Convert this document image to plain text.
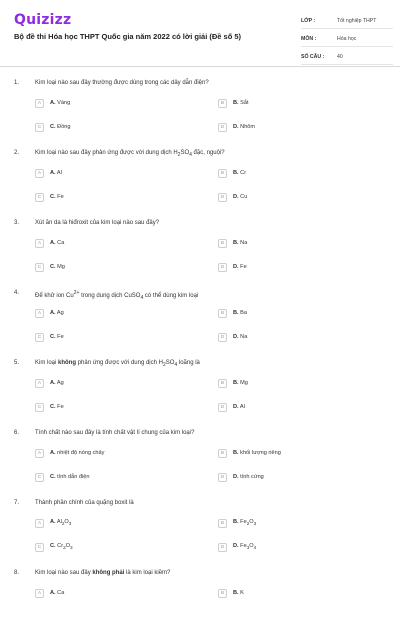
Quizizz
Bộ đề thi Hóa học THPT Quốc gia năm 2022 có lời giải (Đề số 5)
LỚP :	Tốt nghiệp THPT
MÔN :	Hóa học
SỐ CÂU :	40
1.	Kim loại nào sau đây thường được dùng trong các dây dẫn điện?
A	A. Vàng	B	B. Sắt
C	C. Đồng	D	D. Nhôm
2.	Kim loại nào sau đây phản ứng được với dung dịch $H_2SO_4$ đặc, nguội?
A	A. Al	B	B. Cr
C	C. Fe	D	D. Cu
3.	Xút ăn da là hiđroxit của kim loại nào sau đây?
A	A. Ca	B	B. Na
C	C. Mg	D	D. Fe
4.	Để khử ion $Cu^{2+}$ trong dung dịch CuSO$_4$ có thể dùng kim loại
A	A. Ag	B	B. Ba
C	C. Fe	D	D. Na
5.	Kim loại không phản ứng được với dung dịch $H_2SO_4$ loãng là
A	A. Ag	B	B. Mg
C	C. Fe	D	D. Al
6.	Tính chất nào sau đây là tính chất vật lí chung của kim loại?
A	A. nhiệt độ nóng chảy	B	B. khối lượng riêng
C	C. tính dẫn điện	D	D. tính cứng
7.	Thành phần chính của quặng boxit là
A	A. $Al_2O_3$	B	B. $Fe_2O_3$
C	C. $Cr_2O_3$	D	D. $Fe_3O_4$
8.	Kim loại nào sau đây không phải là kim loại kiềm?
A	A. Ca	B	B. K
